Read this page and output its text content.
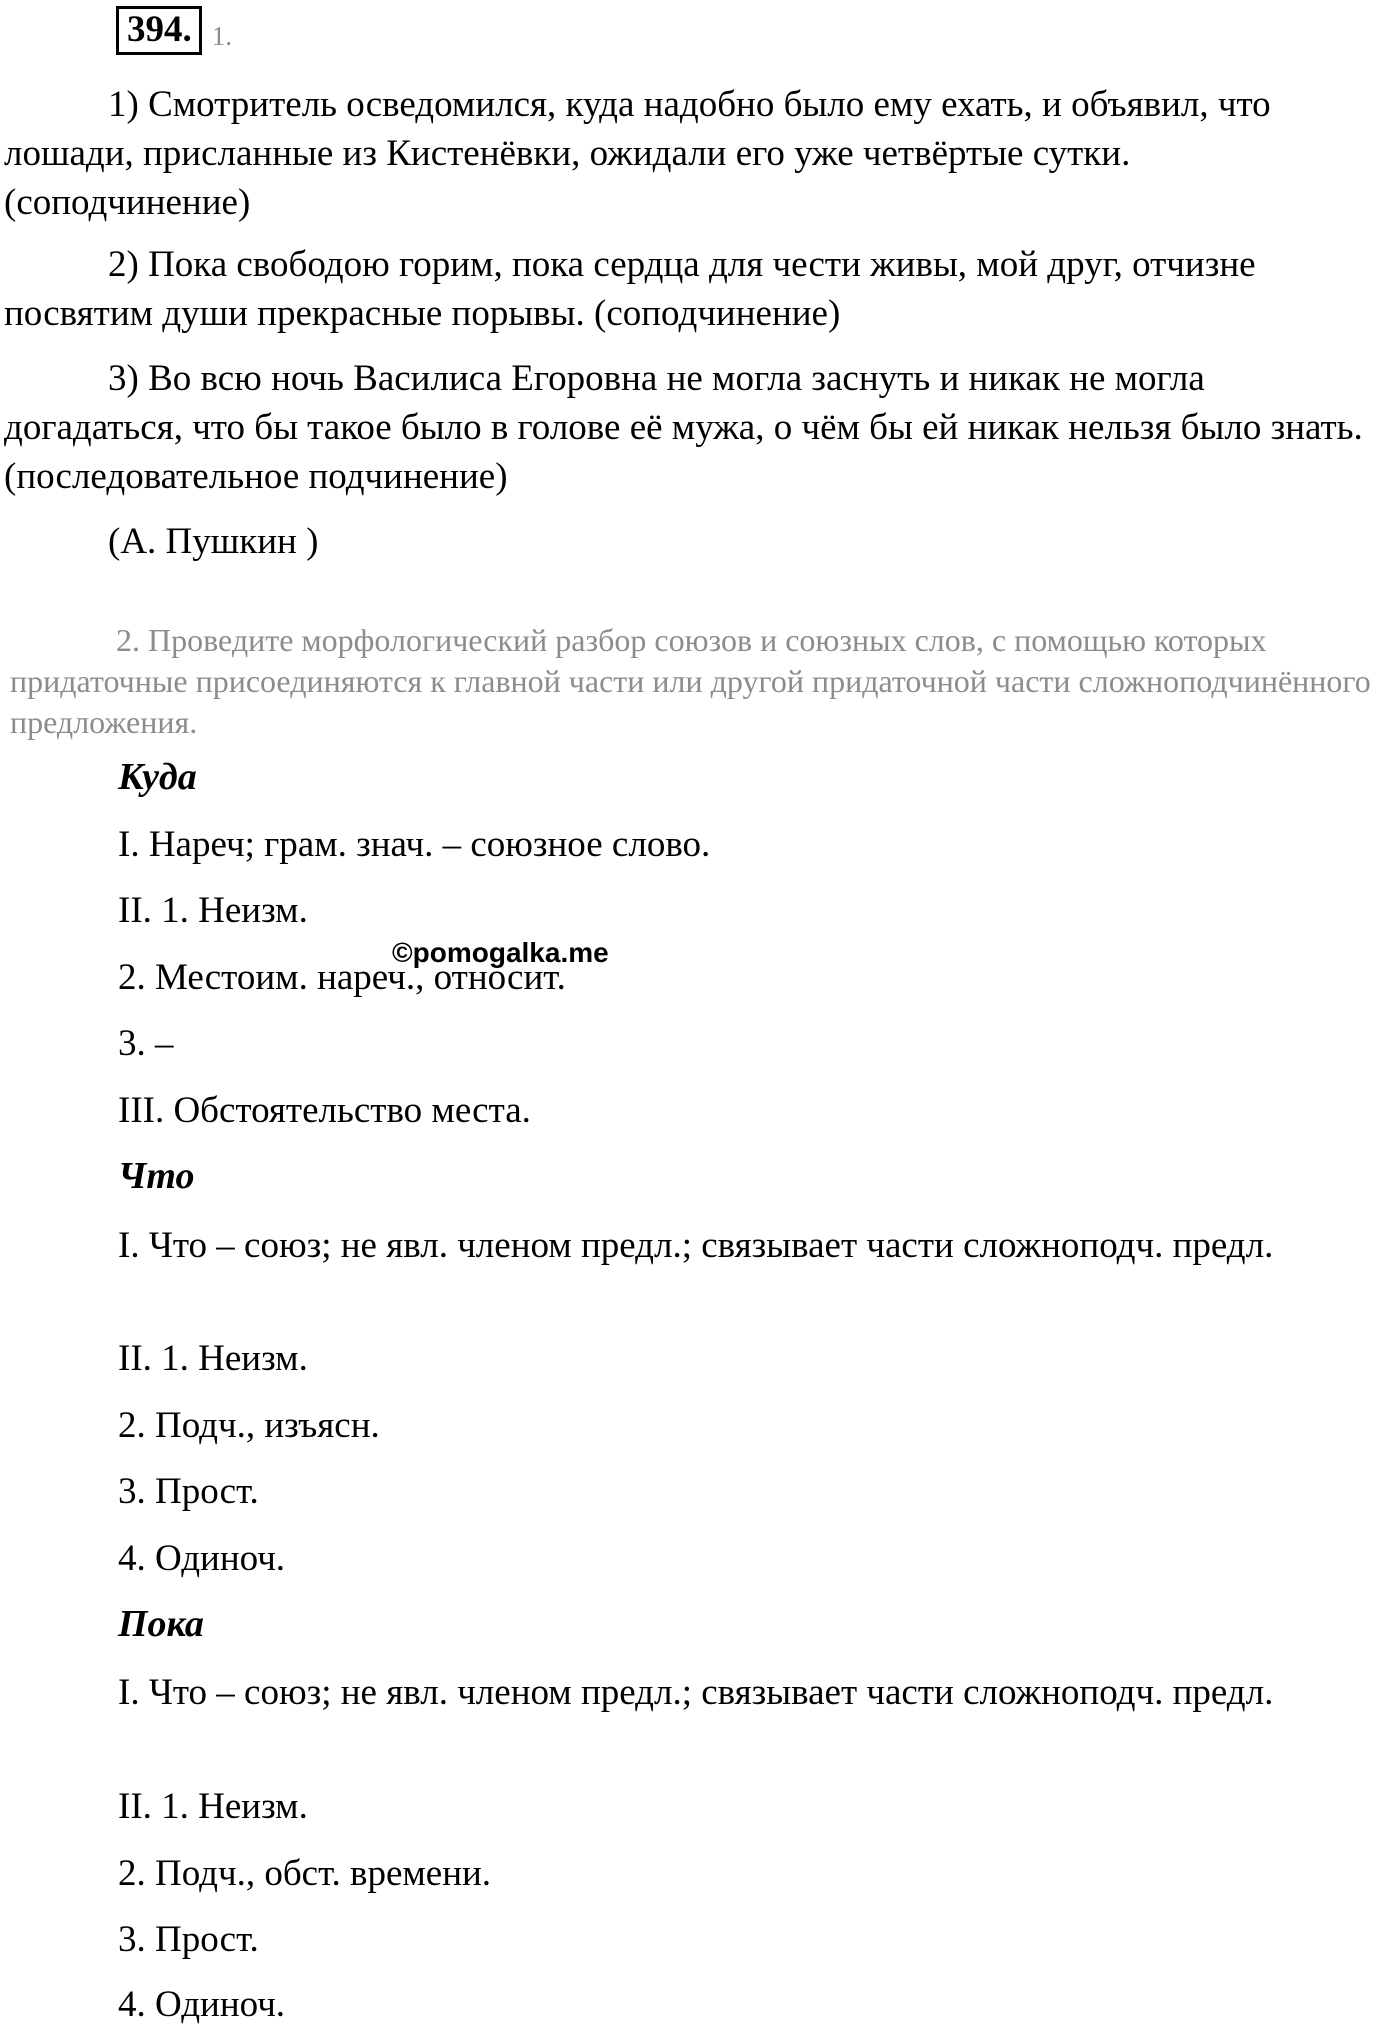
394. 1.

1) Смотритель осведомился, куда надобно было ему ехать, и объявил, что лошади, присланные из Кистенёвки, ожидали его уже четвёртые сутки. (соподчинение)

2) Пока свободою горим, пока сердца для чести живы, мой друг, отчизне посвятим души прекрасные порывы. (соподчинение)

3) Во всю ночь Василиса Егоровна не могла заснуть и никак не могла догадаться, что бы такое было в голове её мужа, о чём бы ей никак нельзя было знать. (последовательное подчинение)

(А. Пушкин )

2. Проведите морфологический разбор союзов и союзных слов, с помощью которых придаточные присоединяются к главной части или другой придаточной части сложноподчинённого предложения.

Куда
I. Нареч; грам. знач. – союзное слово.
II. 1. Неизм.
2. Местоим. нареч., относит.
3. –
III. Обстоятельство места.
Что
I. Что – союз; не явл. членом предл.; связывает части сложноподч. предл.
II. 1. Неизм.
2. Подч., изъясн.
3. Прост.
4. Одиноч.
Пока
I. Что – союз; не явл. членом предл.; связывает части сложноподч. предл.
II. 1. Неизм.
2. Подч., обст. времени.
3. Прост.
4. Одиноч.
©pomogalka.me
